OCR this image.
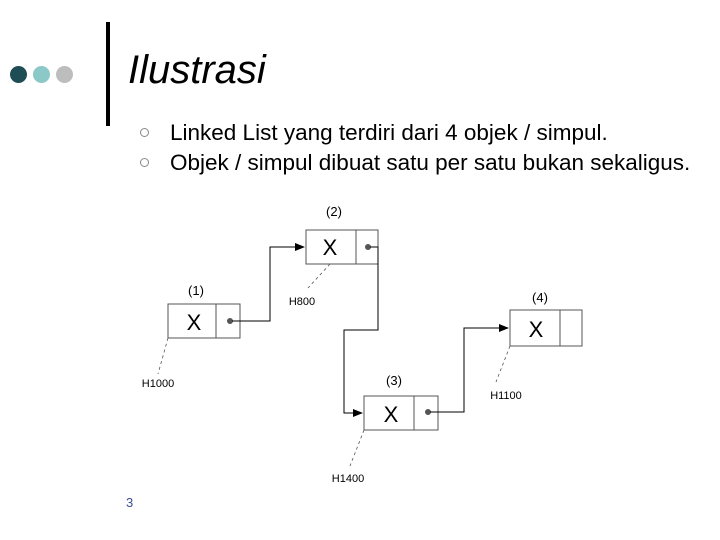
Ilustrasi
Linked List yang terdiri dari 4 objek / simpul.
Objek / simpul dibuat satu per satu bukan sekaligus.
X
(1)
H1000
X
(2)
H800
X
(3)
H1400
X
(4)
H1100
3
